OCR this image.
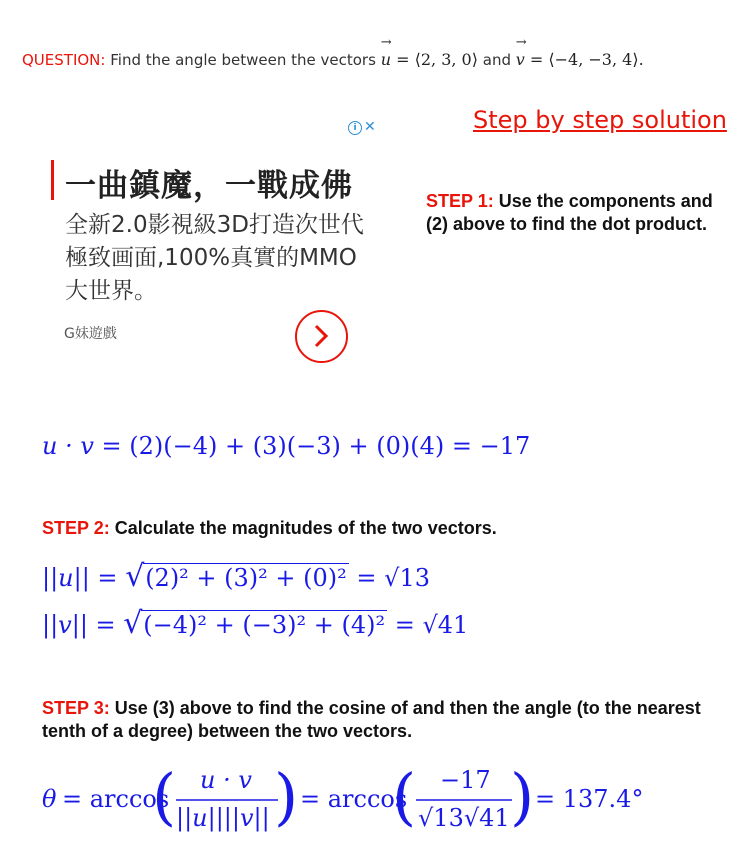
QUESTION: Find the angle between the vectors → u = ⟨2, 3, 0⟩ and → v = ⟨−4, −3, 4⟩.
Step by step solution
i ✕
一曲鎮魔，一戰成佛
全新2.0影視級3D打造次世代極致画面,100%真實的MMO大世界。
G妹遊戲
STEP 1: Use the components and (2) above to find the dot product.
u · v = (2)(−4) + (3)(−3) + (0)(4) = −17
STEP 2: Calculate the magnitudes of the two vectors.
||u|| = √ (2)² + (3)² + (0)² = √13
||v|| = √ (−4)² + (−3)² + (4)² = √41
STEP 3: Use (3) above to find the cosine of and then the angle (to the nearest tenth of a degree) between the two vectors.
θ = arccos
( u · v
||u||||v|| ) = arccos
( −17
√13√41 ) = 137.4°
